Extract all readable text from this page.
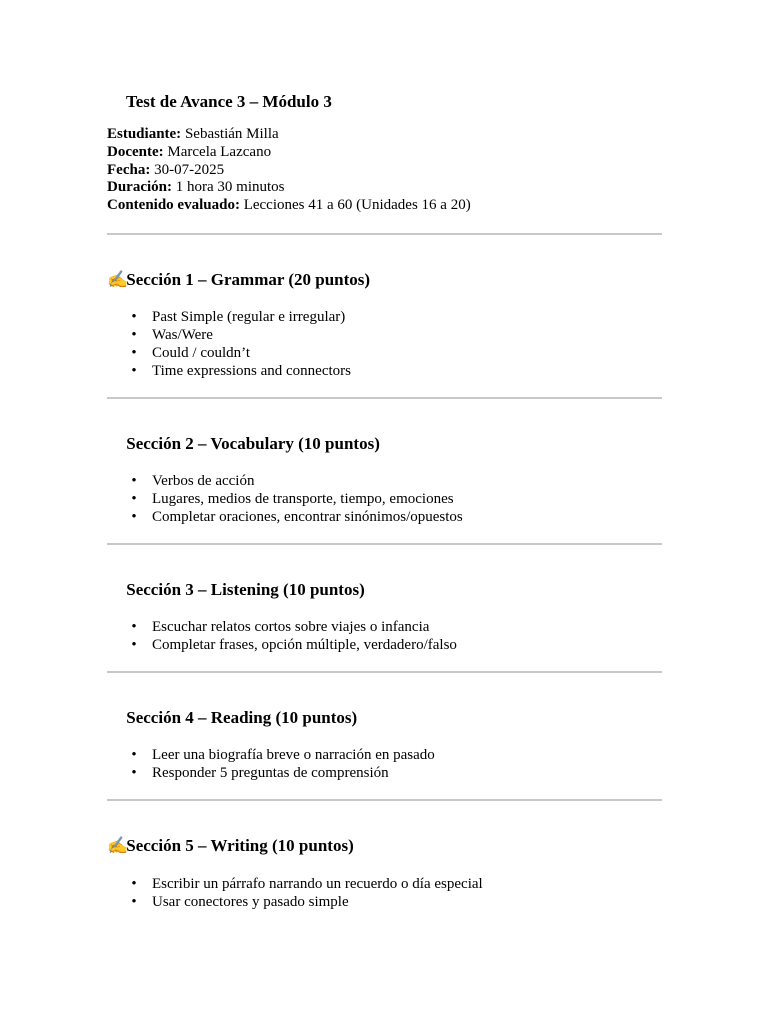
Test de Avance 3 – Módulo 3
Estudiante: Sebastián Milla
Docente: Marcela Lazcano
Fecha: 30-07-2025
Duración: 1 hora 30 minutos
Contenido evaluado: Lecciones 41 a 60 (Unidades 16 a 20)
✍ Sección 1 – Grammar (20 puntos)
• Past Simple (regular e irregular)
• Was/Were
• Could / couldn’t
• Time expressions and connectors
Sección 2 – Vocabulary (10 puntos)
• Verbos de acción
• Lugares, medios de transporte, tiempo, emociones
• Completar oraciones, encontrar sinónimos/opuestos
Sección 3 – Listening (10 puntos)
• Escuchar relatos cortos sobre viajes o infancia
• Completar frases, opción múltiple, verdadero/falso
Sección 4 – Reading (10 puntos)
• Leer una biografía breve o narración en pasado
• Responder 5 preguntas de comprensión
✍ Sección 5 – Writing (10 puntos)
• Escribir un párrafo narrando un recuerdo o día especial
• Usar conectores y pasado simple
